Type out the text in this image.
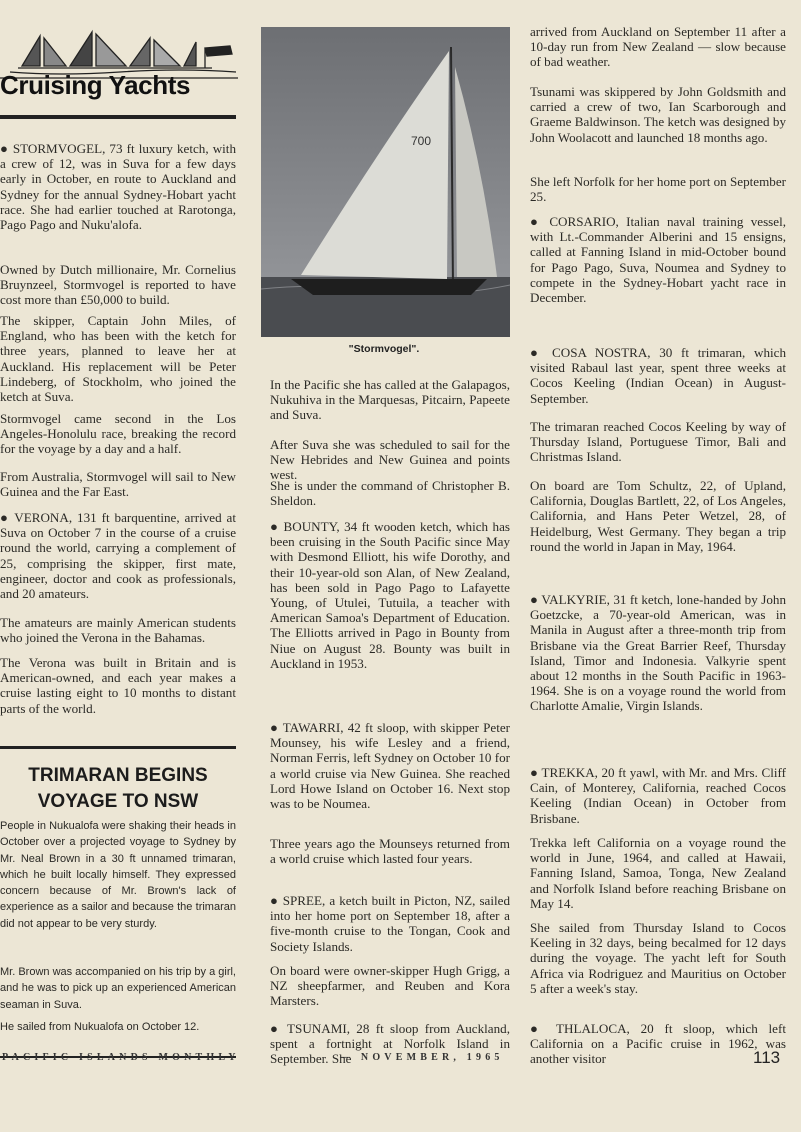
Cruising Yachts

● STORMVOGEL, 73 ft luxury ketch, with a crew of 12, was in Suva for a few days early in October, en route to Auckland and Sydney for the annual Sydney-Hobart yacht race. She had earlier touched at Rarotonga, Pago Pago and Nuku'alofa.

Owned by Dutch millionaire, Mr. Cornelius Bruynzeel, Stormvogel is reported to have cost more than £50,000 to build.

The skipper, Captain John Miles, of England, who has been with the ketch for three years, planned to leave her at Auckland. His replacement will be Peter Lindeberg, of Stockholm, who joined the ketch at Suva.

Stormvogel came second in the Los Angeles-Honolulu race, breaking the record for the voyage by a day and a half.

From Australia, Stormvogel will sail to New Guinea and the Far East.

● VERONA, 131 ft barquentine, arrived at Suva on October 7 in the course of a cruise round the world, carrying a complement of 25, comprising the skipper, first mate, engineer, doctor and cook as professionals, and 20 amateurs.

The amateurs are mainly American students who joined the Verona in the Bahamas.

The Verona was built in Britain and is American-owned, and each year makes a cruise lasting eight to 10 months to distant parts of the world.

TRIMARAN BEGINS
VOYAGE TO NSW

People in Nukualofa were shaking their heads in October over a projected voyage to Sydney by Mr. Neal Brown in a 30 ft unnamed trimaran, which he built locally himself. They expressed concern because of Mr. Brown's lack of experience as a sailor and because the trimaran did not appear to be very sturdy.

Mr. Brown was accompanied on his trip by a girl, and he was to pick up an experienced American seaman in Suva.

He sailed from Nukualofa on October 12.

700
"Stormvogel".

In the Pacific she has called at the Galapagos, Nukuhiva in the Marquesas, Pitcairn, Papeete and Suva.

After Suva she was scheduled to sail for the New Hebrides and New Guinea and points west.

She is under the command of Christopher B. Sheldon.

● BOUNTY, 34 ft wooden ketch, which has been cruising in the South Pacific since May with Desmond Elliott, his wife Dorothy, and their 10-year-old son Alan, of New Zealand, has been sold in Pago Pago to Lafayette Young, of Utulei, Tutuila, a teacher with American Samoa's Department of Education. The Elliotts arrived in Pago in Bounty from Niue on August 28. Bounty was built in Auckland in 1953.

● TAWARRI, 42 ft sloop, with skipper Peter Mounsey, his wife Lesley and a friend, Norman Ferris, left Sydney on October 10 for a world cruise via New Guinea. She reached Lord Howe Island on October 16. Next stop was to be Noumea.

Three years ago the Mounseys returned from a world cruise which lasted four years.

● SPREE, a ketch built in Picton, NZ, sailed into her home port on September 18, after a five-month cruise to the Tongan, Cook and Society Islands.

On board were owner-skipper Hugh Grigg, a NZ sheepfarmer, and Reuben and Kora Marsters.

● TSUNAMI, 28 ft sloop from Auckland, spent a fortnight at Norfolk Island in September. She

arrived from Auckland on September 11 after a 10-day run from New Zealand — slow because of bad weather.

Tsunami was skippered by John Goldsmith and carried a crew of two, Ian Scarborough and Graeme Baldwinson. The ketch was designed by John Woolacott and launched 18 months ago.

She left Norfolk for her home port on September 25.

● CORSARIO, Italian naval training vessel, with Lt.-Commander Alberini and 15 ensigns, called at Fanning Island in mid-October bound for Pago Pago, Suva, Noumea and Sydney to compete in the Sydney-Hobart yacht race in December.

● COSA NOSTRA, 30 ft trimaran, which visited Rabaul last year, spent three weeks at Cocos Keeling (Indian Ocean) in August-September.

The trimaran reached Cocos Keeling by way of Thursday Island, Portuguese Timor, Bali and Christmas Island.

On board are Tom Schultz, 22, of Upland, California, Douglas Bartlett, 22, of Los Angeles, California, and Hans Peter Wetzel, 28, of Heidelburg, West Germany. They began a trip round the world in Japan in May, 1964.

● VALKYRIE, 31 ft ketch, lone-handed by John Goetzcke, a 70-year-old American, was in Manila in August after a three-month trip from Brisbane via the Great Barrier Reef, Thursday Island, Timor and Indonesia. Valkyrie spent about 12 months in the South Pacific in 1963-1964. She is on a voyage round the world from Charlotte Amalie, Virgin Islands.

● TREKKA, 20 ft yawl, with Mr. and Mrs. Cliff Cain, of Monterey, California, reached Cocos Keeling (Indian Ocean) in October from Brisbane.

Trekka left California on a voyage round the world in June, 1964, and called at Hawaii, Fanning Island, Samoa, Tonga, New Zealand and Norfolk Island before reaching Brisbane on May 14.

She sailed from Thursday Island to Cocos Keeling in 32 days, being becalmed for 12 days during the voyage. The yacht left for South Africa via Rodriguez and Mauritius on October 5 after a week's stay.

● THLALOCA, 20 ft sloop, which left California on a Pacific cruise in 1962, was another visitor

PACIFIC ISLANDS MONTHLY	— NOVEMBER, 1965	113
